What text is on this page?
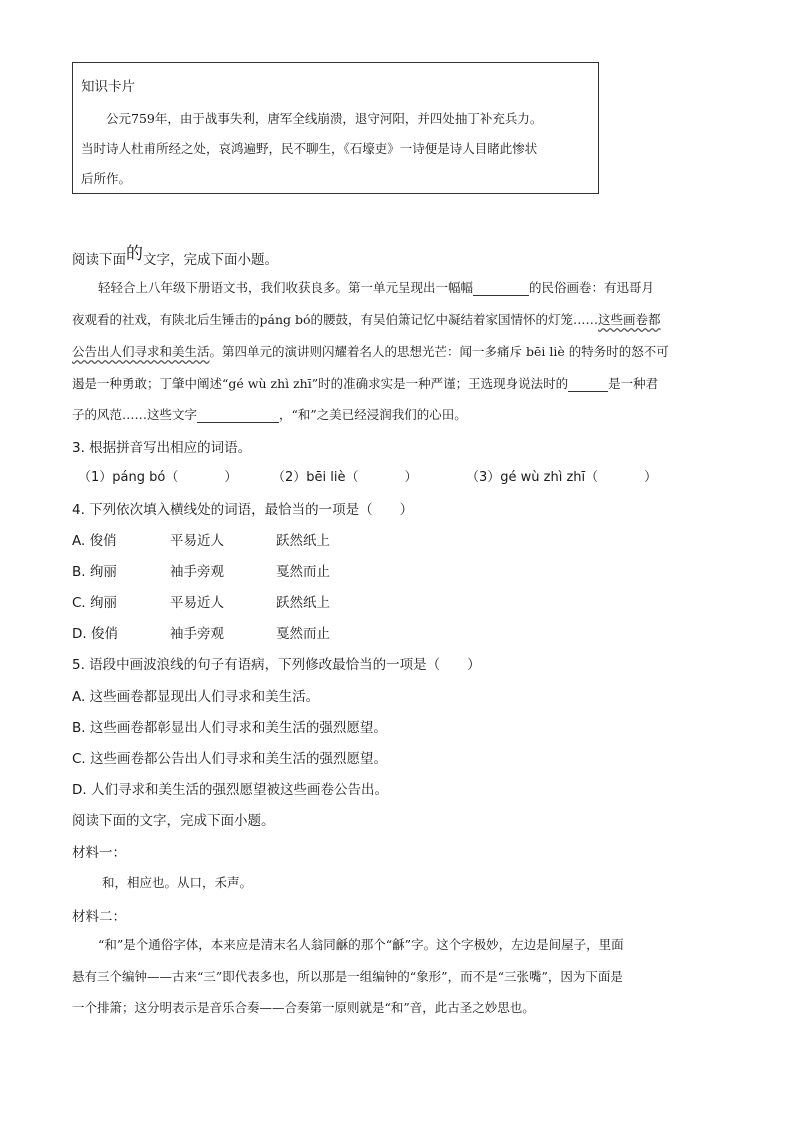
知识卡片
公元759年，由于战事失利，唐军全线崩溃，退守河阳，并四处抽丁补充兵力。
当时诗人杜甫所经之处，哀鸿遍野，民不聊生，《石壕吏》一诗便是诗人目睹此惨状
后所作。
阅读下面的文字，完成下面小题。
轻轻合上八年级下册语文书，我们收获良多。第一单元呈现出一幅幅	的民俗画卷：有迅哥月
夜观看的社戏，有陕北后生锤击的páng bó的腰鼓，有吴伯箫记忆中凝结着家国情怀的灯笼……这些画卷都
公告出人们寻求和美生活。第四单元的演讲则闪耀着名人的思想光芒：闻一多痛斥 bēi liè 的特务时的怒不可
遏是一种勇敢；丁肇中阐述“gé wù zhì zhī”时的准确求实是一种严谨；王选现身说法时的	是一种君
子的风范……这些文字	，“和”之美已经浸润我们的心田。
3. 根据拼音写出相应的词语。
（1）páng bó（	）	（2）bēi liè（	）	（3）gé wù zhì zhī（	）
4. 下列依次填入横线处的词语，最恰当的一项是（　　）
A. 俊俏	平易近人	跃然纸上
B. 绚丽	袖手旁观	戛然而止
C. 绚丽	平易近人	跃然纸上
D. 俊俏	袖手旁观	戛然而止
5. 语段中画波浪线的句子有语病，下列修改最恰当的一项是（　　）
A. 这些画卷都显现出人们寻求和美生活。
B. 这些画卷都彰显出人们寻求和美生活的强烈愿望。
C. 这些画卷都公告出人们寻求和美生活的强烈愿望。
D. 人们寻求和美生活的强烈愿望被这些画卷公告出。
阅读下面的文字，完成下面小题。
材料一：
和，相应也。从口，禾声。
材料二：
“和”是个通俗字体，本来应是清末名人翁同龢的那个“龢”字。这个字极妙，左边是间屋子，里面
悬有三个编钟——古来“三”即代表多也，所以那是一组编钟的“象形”，而不是“三张嘴”，因为下面是
一个排箫；这分明表示是音乐合奏——合奏第一原则就是“和”音，此古圣之妙思也。
